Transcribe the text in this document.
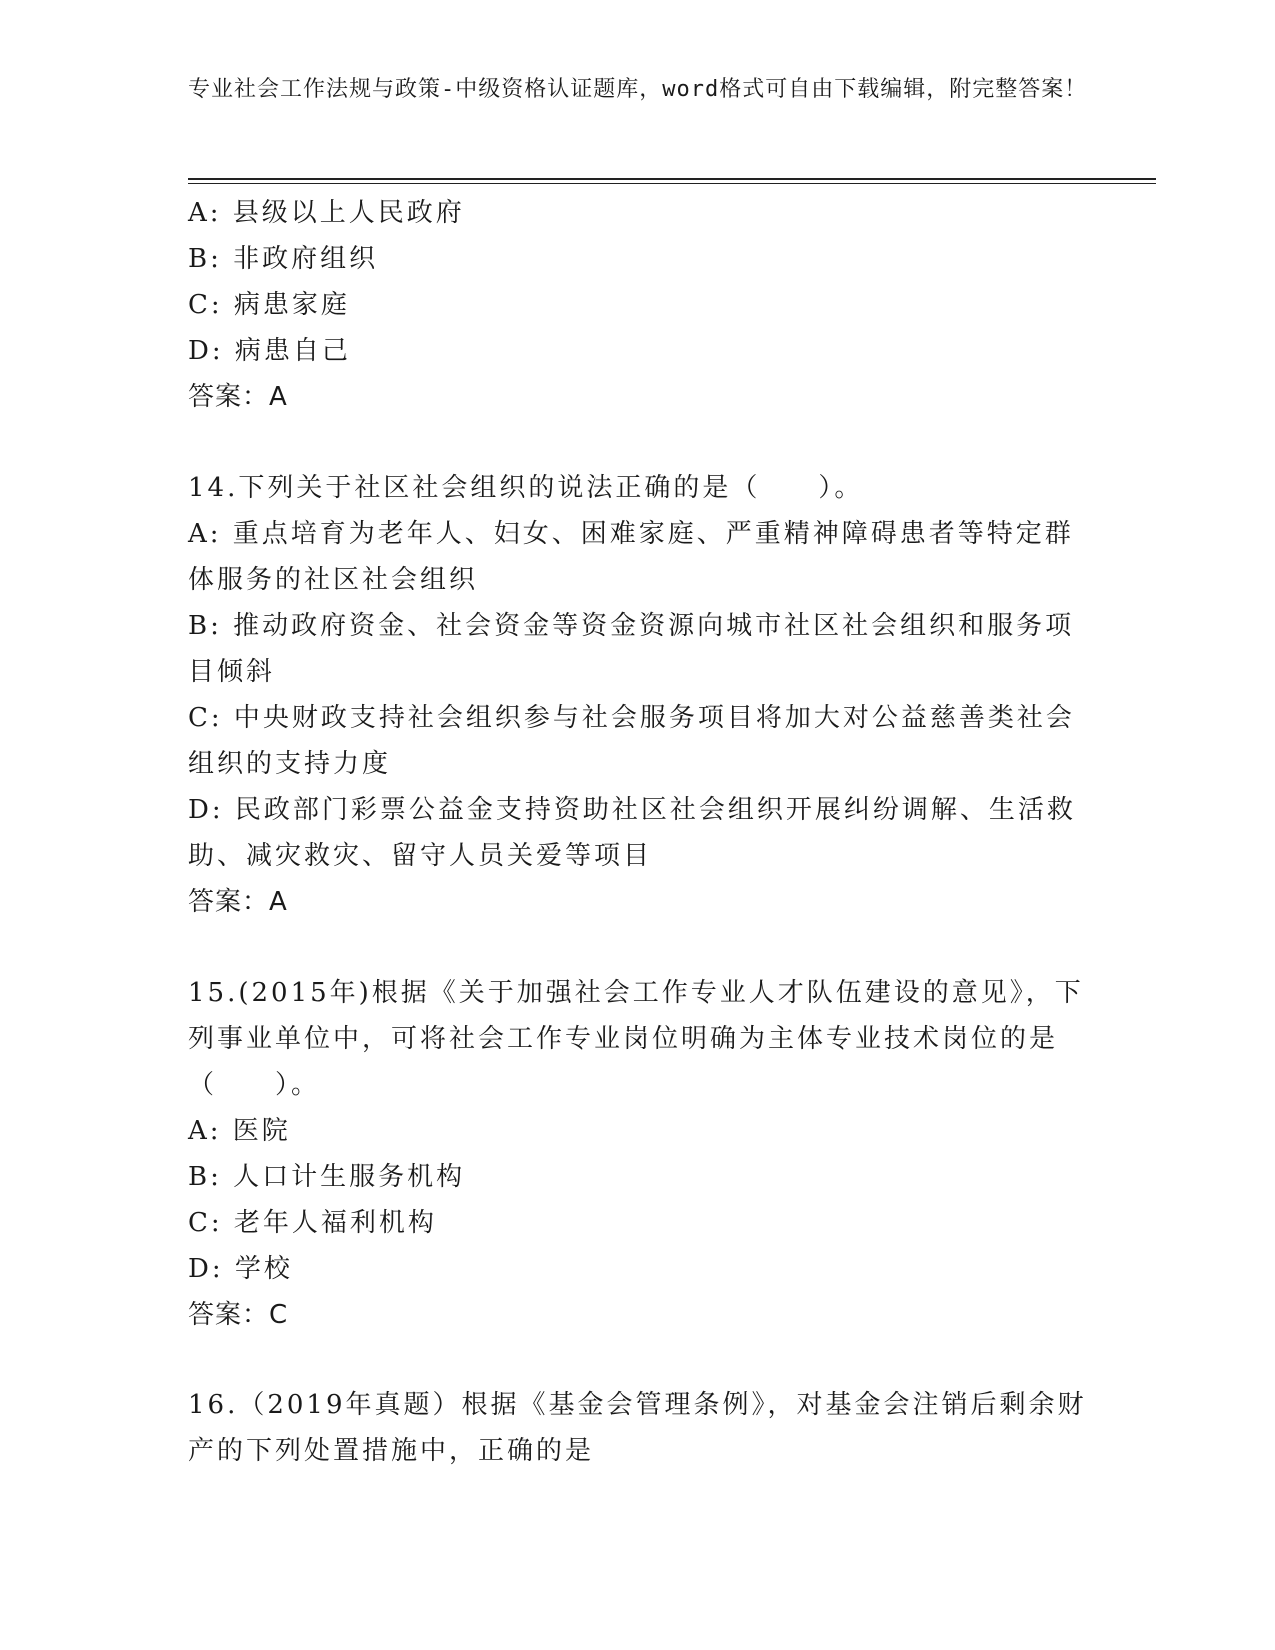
专业社会工作法规与政策-中级资格认证题库，word格式可自由下载编辑，附完整答案！
A: 县级以上人民政府
B: 非政府组织
C: 病患家庭
D: 病患自己
答案：A
14.下列关于社区社会组织的说法正确的是（　　）。
A: 重点培育为老年人、妇女、困难家庭、严重精神障碍患者等特定群体服务的社区社会组织
B: 推动政府资金、社会资金等资金资源向城市社区社会组织和服务项目倾斜
C: 中央财政支持社会组织参与社会服务项目将加大对公益慈善类社会组织的支持力度
D: 民政部门彩票公益金支持资助社区社会组织开展纠纷调解、生活救助、减灾救灾、留守人员关爱等项目
答案：A
15.(2015年)根据《关于加强社会工作专业人才队伍建设的意见》，下列事业单位中，可将社会工作专业岗位明确为主体专业技术岗位的是（　　）。
A: 医院
B: 人口计生服务机构
C: 老年人福利机构
D: 学校
答案：C
16.（2019年真题）根据《基金会管理条例》，对基金会注销后剩余财产的下列处置措施中，正确的是
